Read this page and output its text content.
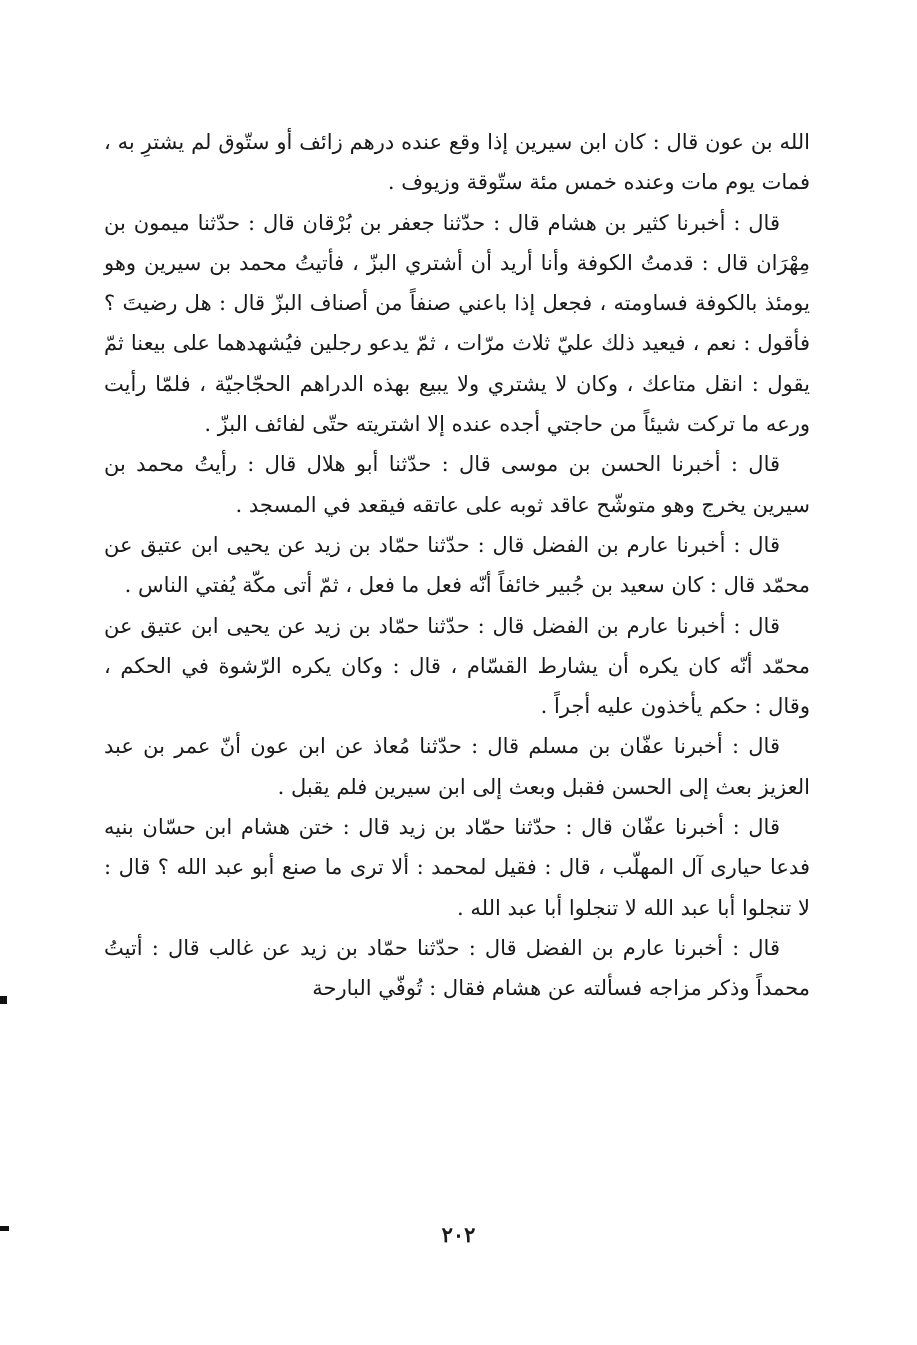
الله بن عون قال : كان ابن سيرين إذا وقع عنده درهم زائف أو ستّوق لم يشترِ به ، فمات يوم مات وعنده خمس مئة ستّوقة وزيوف .

قال : أخبرنا كثير بن هشام قال : حدّثنا جعفر بن بُرْقان قال : حدّثنا ميمون بن مِهْرَان قال : قدمتُ الكوفة وأنا أريد أن أشتري البزّ ، فأتيتُ محمد بن سيرين وهو يومئذ بالكوفة فساومته ، فجعل إذا باعني صنفاً من أصناف البزّ قال : هل رضيتَ ؟ فأقول : نعم ، فيعيد ذلك عليّ ثلاث مرّات ، ثمّ يدعو رجلين فيُشهدهما على بيعنا ثمّ يقول : انقل متاعك ، وكان لا يشتري ولا يبيع بهذه الدراهم الحجّاجيّة ، فلمّا رأيت ورعه ما تركت شيئاً من حاجتي أجده عنده إلا اشتريته حتّى لفائف البزّ .

قال : أخبرنا الحسن بن موسى قال : حدّثنا أبو هلال قال : رأيتُ محمد بن سيرين يخرج وهو متوشّح عاقد ثوبه على عاتقه فيقعد في المسجد .

قال : أخبرنا عارم بن الفضل قال : حدّثنا حمّاد بن زيد عن يحيى ابن عتيق عن محمّد قال : كان سعيد بن جُبير خائفاً أنّه فعل ما فعل ، ثمّ أتى مكّة يُفتي الناس .

قال : أخبرنا عارم بن الفضل قال : حدّثنا حمّاد بن زيد عن يحيى ابن عتيق عن محمّد أنّه كان يكره أن يشارط القسّام ، قال : وكان يكره الرّشوة في الحكم ، وقال : حكم يأخذون عليه أجراً .

قال : أخبرنا عفّان بن مسلم قال : حدّثنا مُعاذ عن ابن عون أنّ عمر بن عبد العزيز بعث إلى الحسن فقبل وبعث إلى ابن سيرين فلم يقبل .

قال : أخبرنا عفّان قال : حدّثنا حمّاد بن زيد قال : ختن هشام ابن حسّان بنيه فدعا حيارى آل المهلّب ، قال : فقيل لمحمد : ألا ترى ما صنع أبو عبد الله ؟ قال : لا تنجلوا أبا عبد الله لا تنجلوا أبا عبد الله .

قال : أخبرنا عارم بن الفضل قال : حدّثنا حمّاد بن زيد عن غالب قال : أتيتُ محمداً وذكر مزاجه فسألته عن هشام فقال : تُوفّي البارحة

٢٠٢
